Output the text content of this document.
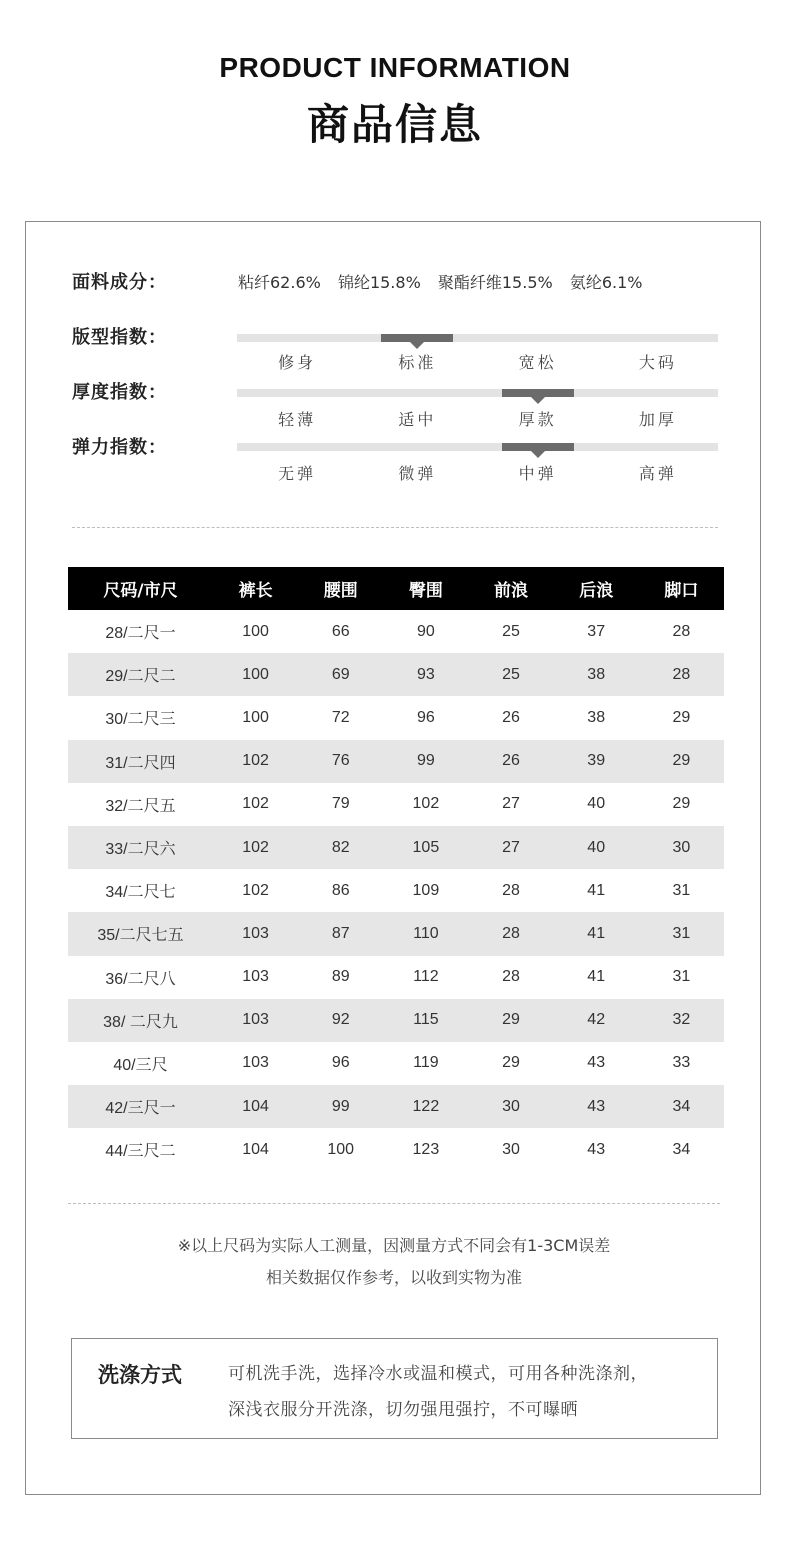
PRODUCT INFORMATION
商品信息
面料成分：	粘纤62.6% 锦纶15.8% 聚酯纤维15.5% 氨纶6.1%
版型指数：
修身	标准	宽松	大码
厚度指数：
轻薄	适中	厚款	加厚
弹力指数：
无弹	微弹	中弹	高弹
尺码/市尺	裤长	腰围	臀围	前浪	后浪	脚口
28/二尺一	100	66	90	25	37	28
29/二尺二	100	69	93	25	38	28
30/二尺三	100	72	96	26	38	29
31/二尺四	102	76	99	26	39	29
32/二尺五	102	79	102	27	40	29
33/二尺六	102	82	105	27	40	30
34/二尺七	102	86	109	28	41	31
35/二尺七五	103	87	110	28	41	31
36/二尺八	103	89	112	28	41	31
38/ 二尺九	103	92	115	29	42	32
40/三尺	103	96	119	29	43	33
42/三尺一	104	99	122	30	43	34
44/三尺二	104	100	123	30	43	34
※以上尺码为实际人工测量，因测量方式不同会有1-3CM误差
相关数据仅作参考，以收到实物为准
洗涤方式	可机洗手洗，选择冷水或温和模式，可用各种洗涤剂，
深浅衣服分开洗涤，切勿强甩强拧，不可曝晒
